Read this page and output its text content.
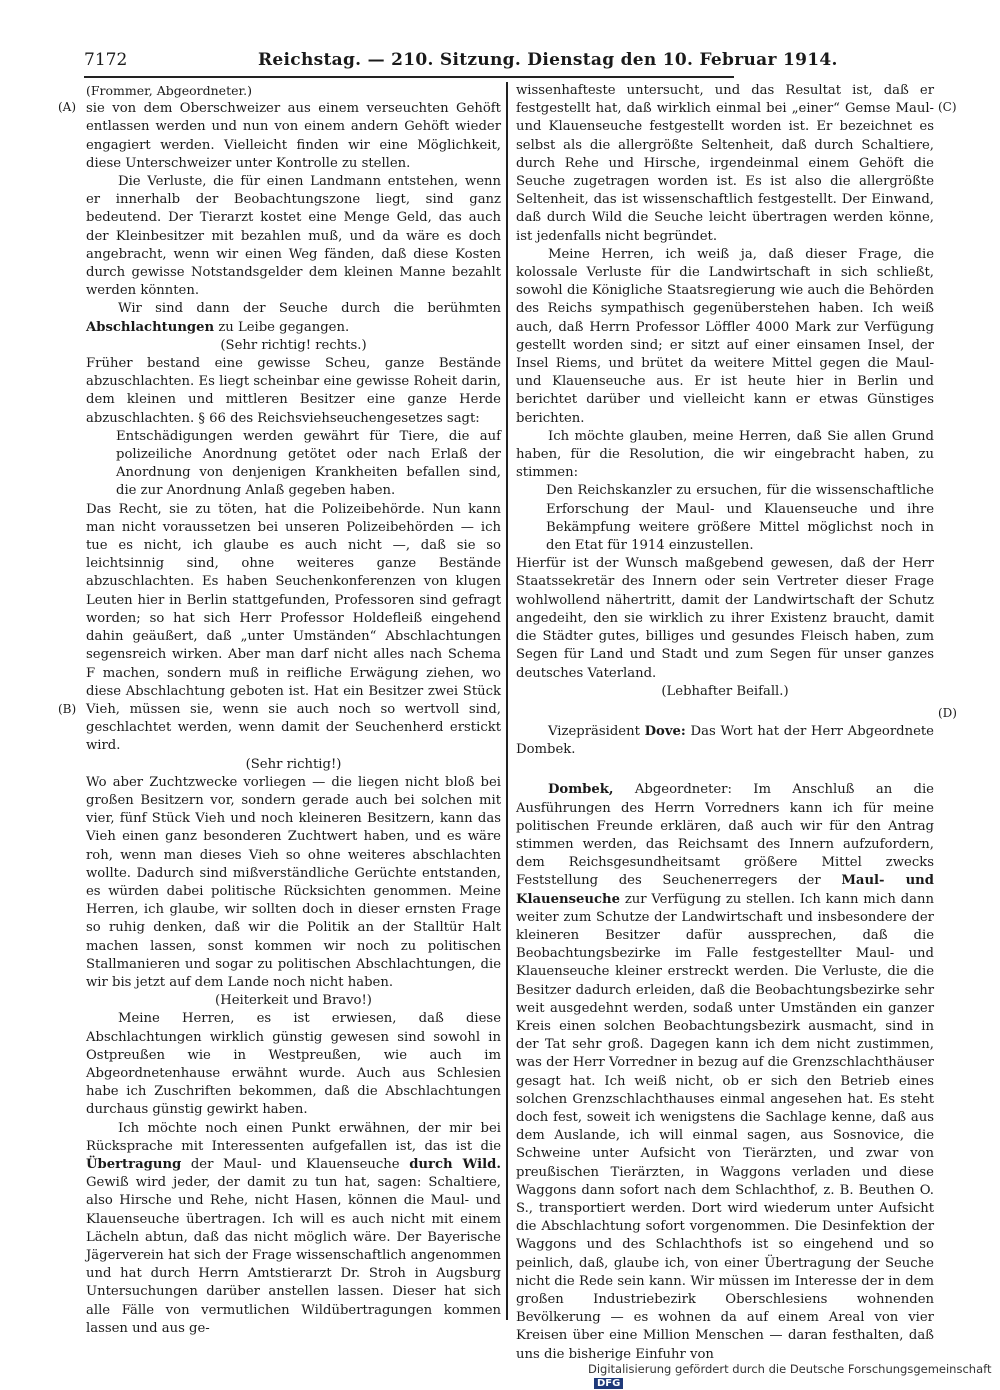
7172	Reichstag. — 210. Sitzung. Dienstag den 10. Februar 1914.
(A)
(B)
(C)
(D)

(Frommer, Abgeordneter.)

sie von dem Oberschweizer aus einem verseuchten Gehöft entlassen werden und nun von einem andern Gehöft wieder engagiert werden. Vielleicht finden wir eine Möglichkeit, diese Unterschweizer unter Kontrolle zu stellen.

Die Verluste, die für einen Landmann entstehen, wenn er innerhalb der Beobachtungszone liegt, sind ganz bedeutend. Der Tierarzt kostet eine Menge Geld, das auch der Kleinbesitzer mit bezahlen muß, und da wäre es doch angebracht, wenn wir einen Weg fänden, daß diese Kosten durch gewisse Notstandsgelder dem kleinen Manne bezahlt werden könnten.

Wir sind dann der Seuche durch die berühmten Abschlachtungen zu Leibe gegangen.

(Sehr richtig! rechts.)

Früher bestand eine gewisse Scheu, ganze Bestände abzuschlachten. Es liegt scheinbar eine gewisse Roheit darin, dem kleinen und mittleren Besitzer eine ganze Herde abzuschlachten. § 66 des Reichsviehseuchengesetzes sagt:

Entschädigungen werden gewährt für Tiere, die auf polizeiliche Anordnung getötet oder nach Erlaß der Anordnung von denjenigen Krankheiten befallen sind, die zur Anordnung Anlaß gegeben haben.

Das Recht, sie zu töten, hat die Polizeibehörde. Nun kann man nicht voraussetzen bei unseren Polizeibehörden — ich tue es nicht, ich glaube es auch nicht —, daß sie so leichtsinnig sind, ohne weiteres ganze Bestände abzuschlachten. Es haben Seuchenkonferenzen von klugen Leuten hier in Berlin stattgefunden, Professoren sind gefragt worden; so hat sich Herr Professor Holdefleiß eingehend dahin geäußert, daß „unter Umständen“ Abschlachtungen segensreich wirken. Aber man darf nicht alles nach Schema F machen, sondern muß in reifliche Erwägung ziehen, wo diese Abschlachtung geboten ist. Hat ein Besitzer zwei Stück Vieh, müssen sie, wenn sie auch noch so wertvoll sind, geschlachtet werden, wenn damit der Seuchenherd erstickt wird.

(Sehr richtig!)

Wo aber Zuchtzwecke vorliegen — die liegen nicht bloß bei großen Besitzern vor, sondern gerade auch bei solchen mit vier, fünf Stück Vieh und noch kleineren Besitzern, kann das Vieh einen ganz besonderen Zuchtwert haben, und es wäre roh, wenn man dieses Vieh so ohne weiteres abschlachten wollte. Dadurch sind mißverständliche Gerüchte entstanden, es würden dabei politische Rücksichten genommen. Meine Herren, ich glaube, wir sollten doch in dieser ernsten Frage so ruhig denken, daß wir die Politik an der Stalltür Halt machen lassen, sonst kommen wir noch zu politischen Stallmanieren und sogar zu politischen Abschlachtungen, die wir bis jetzt auf dem Lande noch nicht haben.

(Heiterkeit und Bravo!)

Meine Herren, es ist erwiesen, daß diese Abschlachtungen wirklich günstig gewesen sind sowohl in Ostpreußen wie in Westpreußen, wie auch im Abgeordnetenhause erwähnt wurde. Auch aus Schlesien habe ich Zuschriften bekommen, daß die Abschlachtungen durchaus günstig gewirkt haben.

Ich möchte noch einen Punkt erwähnen, der mir bei Rücksprache mit Interessenten aufgefallen ist, das ist die Übertragung der Maul- und Klauenseuche durch Wild. Gewiß wird jeder, der damit zu tun hat, sagen: Schaltiere, also Hirsche und Rehe, nicht Hasen, können die Maul- und Klauenseuche übertragen. Ich will es auch nicht mit einem Lächeln abtun, daß das nicht möglich wäre. Der Bayerische Jägerverein hat sich der Frage wissenschaftlich angenommen und hat durch Herrn Amtstierarzt Dr. Stroh in Augsburg Untersuchungen darüber anstellen lassen. Dieser hat sich alle Fälle von vermutlichen Wildübertragungen kommen lassen und aus ge-

wissenhafteste untersucht, und das Resultat ist, daß er festgestellt hat, daß wirklich einmal bei „einer“ Gemse Maul- und Klauenseuche festgestellt worden ist. Er bezeichnet es selbst als die allergrößte Seltenheit, daß durch Schaltiere, durch Rehe und Hirsche, irgendeinmal einem Gehöft die Seuche zugetragen worden ist. Es ist also die allergrößte Seltenheit, das ist wissenschaftlich festgestellt. Der Einwand, daß durch Wild die Seuche leicht übertragen werden könne, ist jedenfalls nicht begründet.

Meine Herren, ich weiß ja, daß dieser Frage, die kolossale Verluste für die Landwirtschaft in sich schließt, sowohl die Königliche Staatsregierung wie auch die Behörden des Reichs sympathisch gegenüberstehen haben. Ich weiß auch, daß Herrn Professor Löffler 4000 Mark zur Verfügung gestellt worden sind; er sitzt auf einer einsamen Insel, der Insel Riems, und brütet da weitere Mittel gegen die Maul- und Klauenseuche aus. Er ist heute hier in Berlin und berichtet darüber und vielleicht kann er etwas Günstiges berichten.

Ich möchte glauben, meine Herren, daß Sie allen Grund haben, für die Resolution, die wir eingebracht haben, zu stimmen:

Den Reichskanzler zu ersuchen, für die wissenschaftliche Erforschung der Maul- und Klauenseuche und ihre Bekämpfung weitere größere Mittel möglichst noch in den Etat für 1914 einzustellen.

Hierfür ist der Wunsch maßgebend gewesen, daß der Herr Staatssekretär des Innern oder sein Vertreter dieser Frage wohlwollend nähertritt, damit der Landwirtschaft der Schutz angedeiht, den sie wirklich zu ihrer Existenz braucht, damit die Städter gutes, billiges und gesundes Fleisch haben, zum Segen für Land und Stadt und zum Segen für unser ganzes deutsches Vaterland.

(Lebhafter Beifall.)

Vizepräsident Dove: Das Wort hat der Herr Abgeordnete Dombek.

Dombek, Abgeordneter: Im Anschluß an die Ausführungen des Herrn Vorredners kann ich für meine politischen Freunde erklären, daß auch wir für den Antrag stimmen werden, das Reichsamt des Innern aufzufordern, dem Reichsgesundheitsamt größere Mittel zwecks Feststellung des Seuchenerregers der Maul- und Klauenseuche zur Verfügung zu stellen. Ich kann mich dann weiter zum Schutze der Landwirtschaft und insbesondere der kleineren Besitzer dafür aussprechen, daß die Beobachtungsbezirke im Falle festgestellter Maul- und Klauenseuche kleiner erstreckt werden. Die Verluste, die die Besitzer dadurch erleiden, daß die Beobachtungsbezirke sehr weit ausgedehnt werden, sodaß unter Umständen ein ganzer Kreis einen solchen Beobachtungsbezirk ausmacht, sind in der Tat sehr groß. Dagegen kann ich dem nicht zustimmen, was der Herr Vorredner in bezug auf die Grenzschlachthäuser gesagt hat. Ich weiß nicht, ob er sich den Betrieb eines solchen Grenzschlachthauses einmal angesehen hat. Es steht doch fest, soweit ich wenigstens die Sachlage kenne, daß aus dem Auslande, ich will einmal sagen, aus Sosnovice, die Schweine unter Aufsicht von Tierärzten, und zwar von preußischen Tierärzten, in Waggons verladen und diese Waggons dann sofort nach dem Schlachthof, z. B. Beuthen O. S., transportiert werden. Dort wird wiederum unter Aufsicht die Abschlachtung sofort vorgenommen. Die Desinfektion der Waggons und des Schlachthofs ist so eingehend und so peinlich, daß, glaube ich, von einer Übertragung der Seuche nicht die Rede sein kann. Wir müssen im Interesse der in dem großen Industriebezirk Oberschlesiens wohnenden Bevölkerung — es wohnen da auf einem Areal von vier Kreisen über eine Million Menschen — daran festhalten, daß uns die bisherige Einfuhr von

Digitalisierung gefördert durch die Deutsche ForschungsgemeinschaftDFG
